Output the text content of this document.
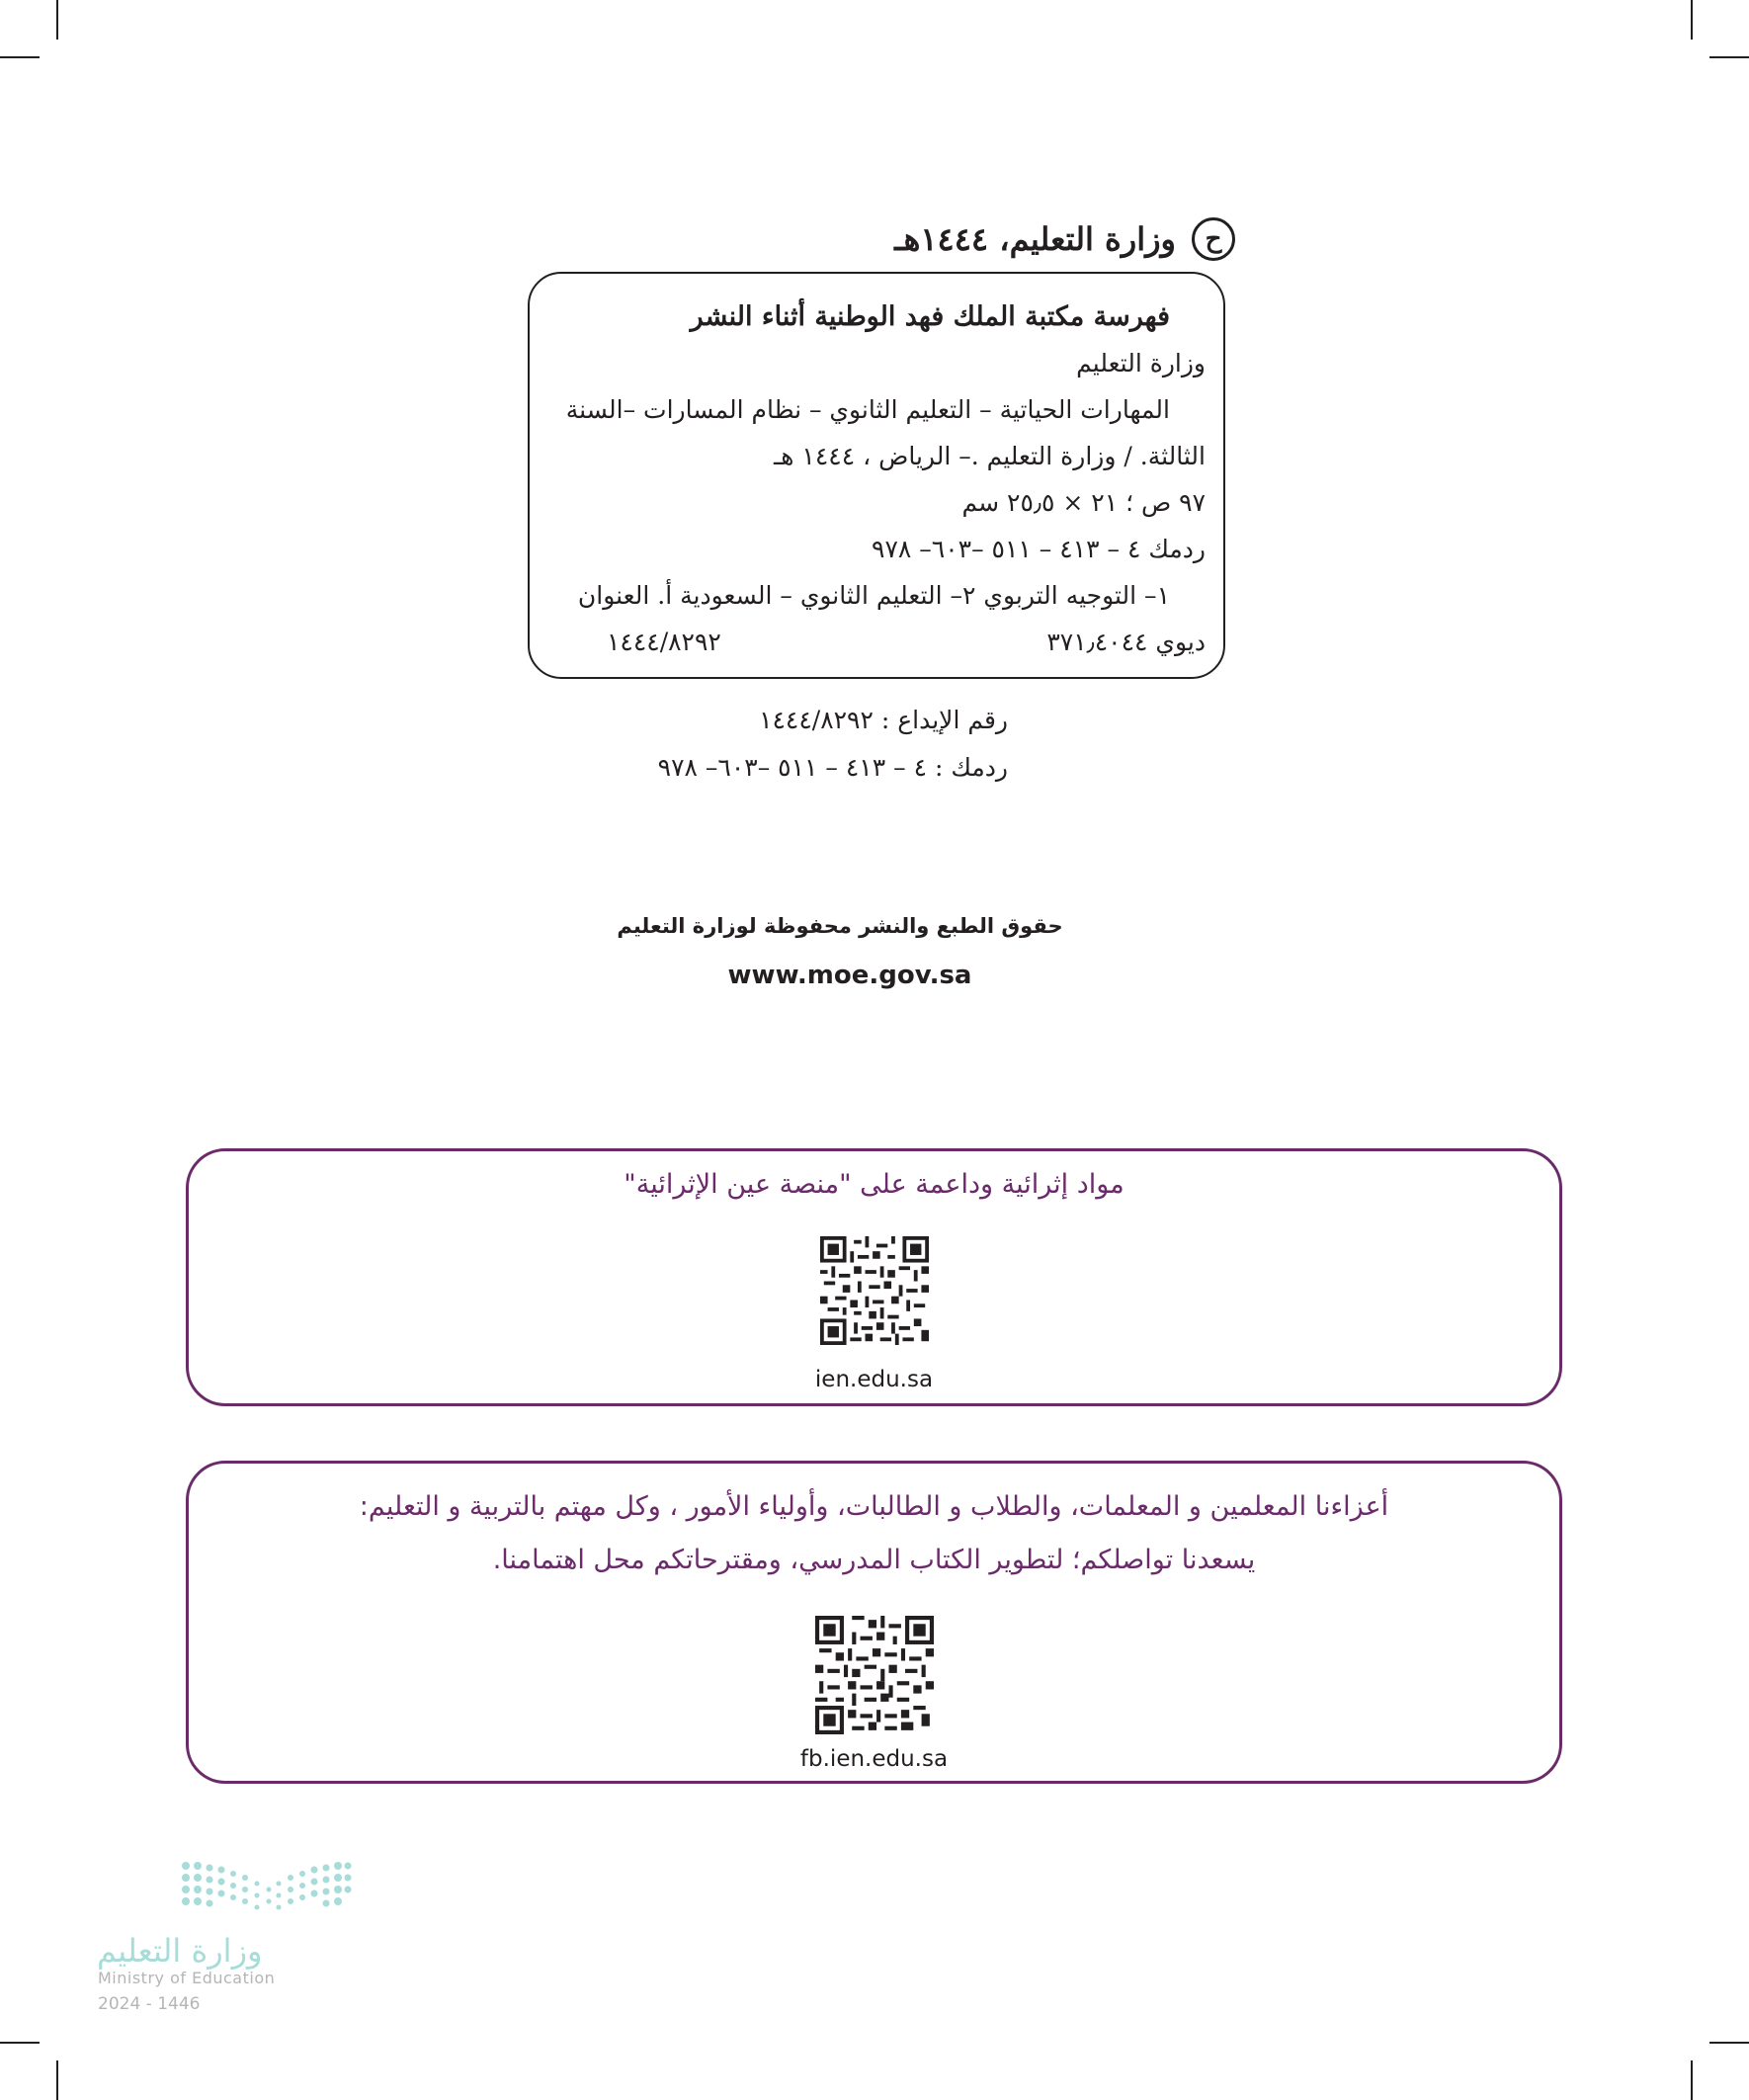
ح
وزارة التعليم، ١٤٤٤هـ
فهرسة مكتبة الملك فهد الوطنية أثناء النشر
وزارة التعليم
المهارات الحياتية – التعليم الثانوي – نظام المسارات –السنة
الثالثة. / وزارة التعليم .– الرياض ، ١٤٤٤ هـ
٩٧ ص ؛ ٢١ × ٢٥٫٥ سم
ردمك ٤ – ٤١٣ – ٥١١ –٦٠٣– ٩٧٨
١– التوجيه التربوي ٢– التعليم الثانوي – السعودية أ. العنوان
ديوي ٣٧١٫٤٠٤٤
١٤٤٤/٨٢٩٢
رقم الإيداع : ١٤٤٤/٨٢٩٢
ردمك : ٤ – ٤١٣ – ٥١١ –٦٠٣– ٩٧٨
حقوق الطبع والنشر محفوظة لوزارة التعليم
www.moe.gov.sa
مواد إثرائية وداعمة على "منصة عين الإثرائية"
ien.edu.sa
أعزاءنا المعلمين و المعلمات، والطلاب و الطالبات، وأولياء الأمور ، وكل مهتم بالتربية و التعليم:
يسعدنا تواصلكم؛ لتطوير الكتاب المدرسي، ومقترحاتكم محل اهتمامنا.
fb.ien.edu.sa
وزارة التعليم
Ministry of Education
2024 - 1446
